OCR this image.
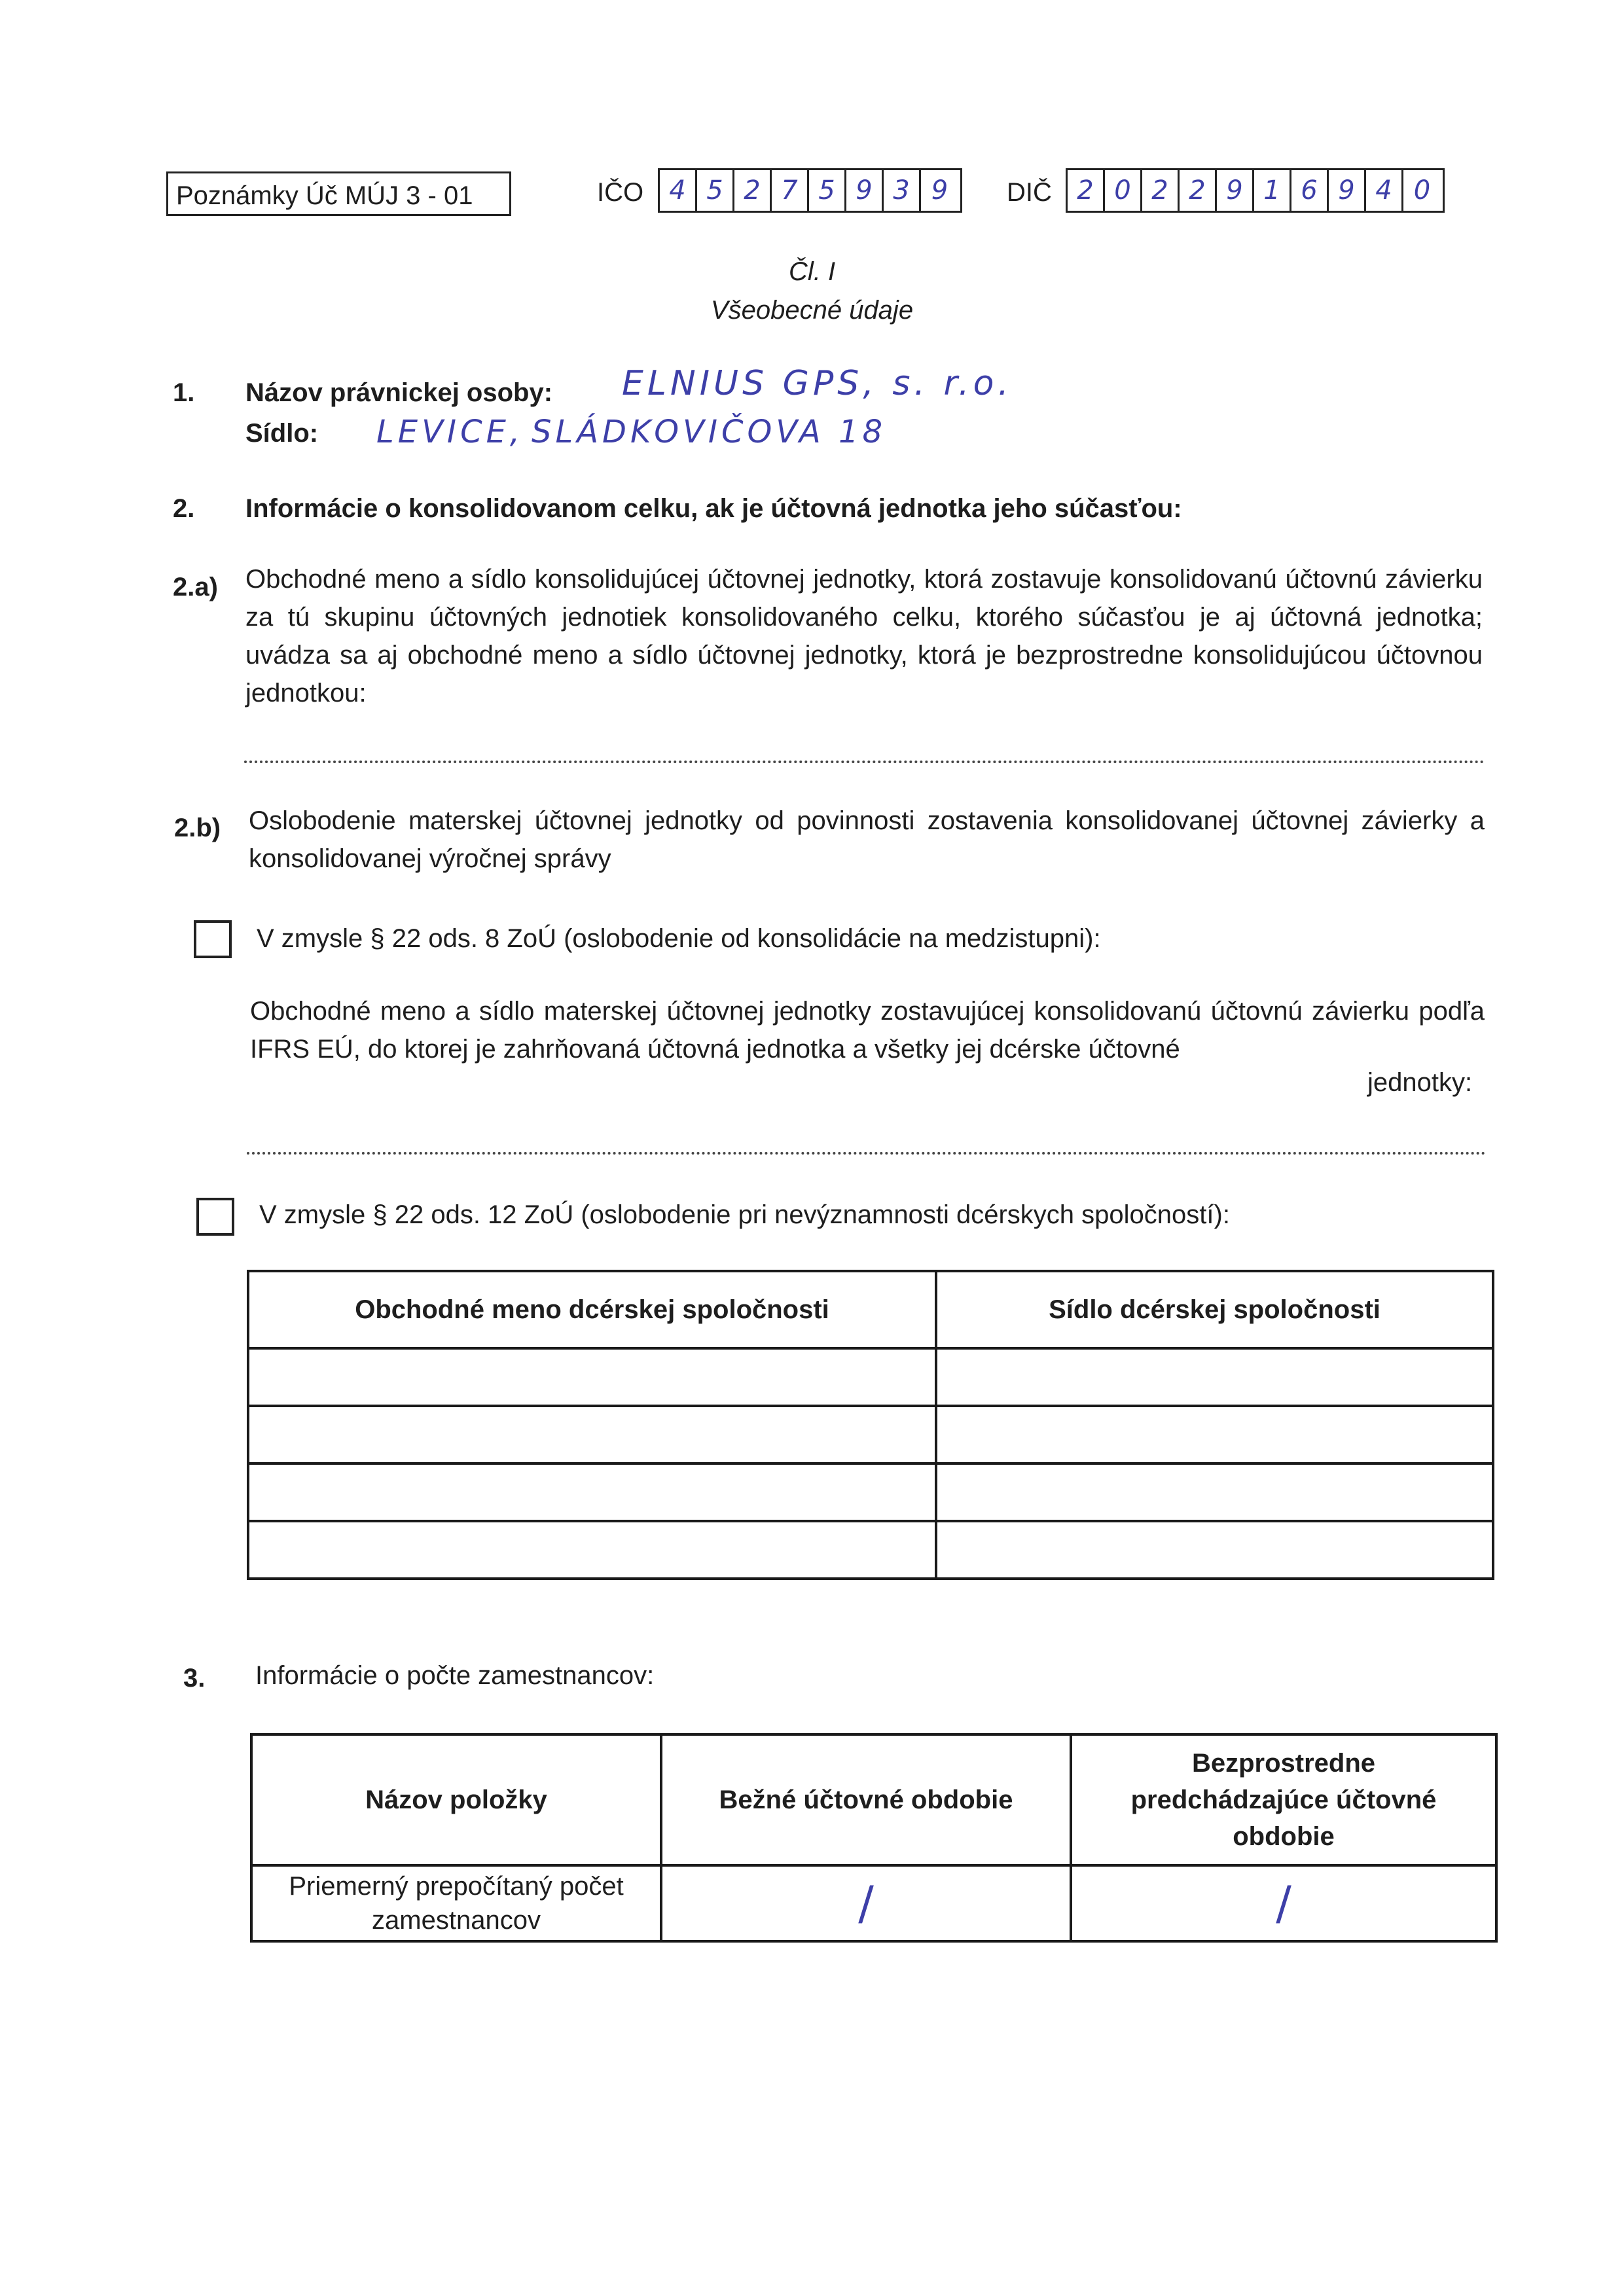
Poznámky Úč MÚJ 3 - 01	IČO 4 5 2 7 5 9 3 9	DIČ 2 0 2 2 9 1 6 9 4 0
Čl. I
Všeobecné údaje
1. Názov právnickej osoby: ELNIUS GPS, s. r.o.
Sídlo: LEVICE, SLÁDKOVIČOVA 18
2. Informácie o konsolidovanom celku, ak je účtovná jednotka jeho súčasťou:
2.a) Obchodné meno a sídlo konsolidujúcej účtovnej jednotky, ktorá zostavuje konsolidovanú účtovnú závierku za tú skupinu účtovných jednotiek konsolidovaného celku, ktorého súčasťou je aj účtovná jednotka; uvádza sa aj obchodné meno a sídlo účtovnej jednotky, ktorá je bezprostredne konsolidujúcou účtovnou jednotkou:
2.b) Oslobodenie materskej účtovnej jednotky od povinnosti zostavenia konsolidovanej účtovnej závierky a konsolidovanej výročnej správy
V zmysle § 22 ods. 8 ZoÚ (oslobodenie od konsolidácie na medzistupni):
Obchodné meno a sídlo materskej účtovnej jednotky zostavujúcej konsolidovanú účtovnú závierku podľa IFRS EÚ, do ktorej je zahrňovaná účtovná jednotka a všetky jej dcérske účtovné
jednotky:
V zmysle § 22 ods. 12 ZoÚ (oslobodenie pri nevýznamnosti dcérskych spoločností):
Obchodné meno dcérskej spoločnosti	Sídlo dcérskej spoločnosti

3. Informácie o počte zamestnancov:
Názov položky	Bežné účtovné obdobie	Bezprostredne predchádzajúce účtovné obdobie
Priemerný prepočítaný počet zamestnancov	/	/
